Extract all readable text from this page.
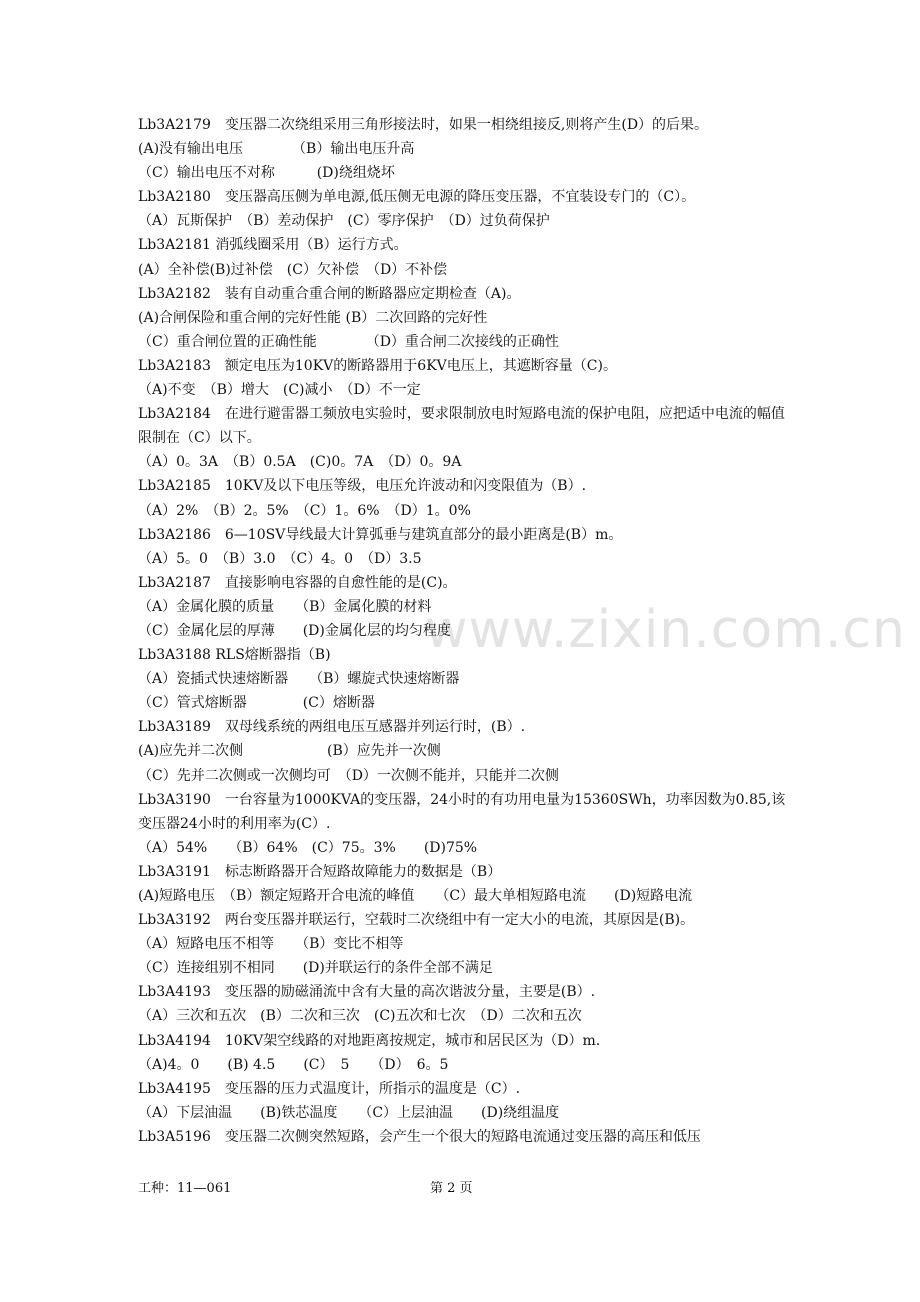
www.zixin.com.cn
Lb3A2179　变压器二次绕组采用三角形接法时，如果一相绕组接反,则将产生(D）的后果。
(A)没有输出电压　　　　（B）输出电压升高
（C）输出电压不对称　　　(D)绕组烧坏
Lb3A2180　变压器高压侧为单电源,低压侧无电源的降压变压器，不宜装设专门的（C）。
（A）瓦斯保护　（B）差动保护　(C）零序保护　（D）过负荷保护
Lb3A2181 消弧线圈采用（B）运行方式。
(A）全补偿(B)过补偿　(C）欠补偿　（D）不补偿
Lb3A2182　装有自动重合重合闸的断路器应定期检查（A)。
(A)合闸保险和重合闸的完好性能 (B）二次回路的完好性
（C）重合闸位置的正确性能　　　　（D）重合闸二次接线的正确性
Lb3A2183　额定电压为10KV的断路器用于6KV电压上，其遮断容量（C)。
（A)不变　（B）增大　(C)减小　（D）不一定
Lb3A2184　在进行避雷器工频放电实验时，要求限制放电时短路电流的保护电阻，应把适中电流的幅值限制在（C）以下。
（A）0。3A　（B）0.5A　(C)0。7A　（D）0。9A
Lb3A2185　10KV及以下电压等级，电压允许波动和闪变限值为（B）.
（A）2%　（B）2。5%　（C）1。6%　（D）1。0%
Lb3A2186　6—10SV导线最大计算弧垂与建筑直部分的最小距离是(B）m。
（A）5。0　（B）3.0　（C）4。0　（D）3.5
Lb3A2187　直接影响电容器的自愈性能的是(C)。
（A）金属化膜的质量　　（B）金属化膜的材料
（C）金属化层的厚薄　　(D)金属化层的均匀程度
Lb3A3188 RLS熔断器指（B)
（A）瓷插式快速熔断器　　（B）螺旋式快速熔断器
（C）管式熔断器　　　　(C）熔断器
Lb3A3189　双母线系统的两组电压互感器并列运行时，(B）.
(A)应先并二次侧　　　　　　(B）应先并一次侧
（C）先并二次侧或一次侧均可　（D）一次侧不能并，只能并二次侧
Lb3A3190　一台容量为1000KVA的变压器，24小时的有功用电量为15360SWh，功率因数为0.85,该变压器24小时的利用率为(C）.
（A）54%　　（B）64%　(C）75。3%　　(D)75%
Lb3A3191　标志断路器开合短路故障能力的数据是（B）
(A)短路电压　（B）额定短路开合电流的峰值　　（C）最大单相短路电流　　(D)短路电流
Lb3A3192　两台变压器并联运行，空载时二次绕组中有一定大小的电流，其原因是(B)。
（A）短路电压不相等　　（B）变比不相等
（C）连接组别不相同　　(D)并联运行的条件全部不满足
Lb3A4193　变压器的励磁涌流中含有大量的高次谐波分量，主要是(B）.
（A）三次和五次　(B）二次和三次　(C)五次和七次　（D）二次和五次
Lb3A4194　10KV架空线路的对地距离按规定，城市和居民区为（D）m.
（A)4。0　　(B) 4.5　　(C）　5　　（D）　6。5
Lb3A4195　变压器的压力式温度计，所指示的温度是（C）.
（A）下层油温　　(B)铁芯温度　　（C）上层油温　　(D)绕组温度
Lb3A5196　变压器二次侧突然短路，会产生一个很大的短路电流通过变压器的高压和低压
工种：11—061	第 2 页
